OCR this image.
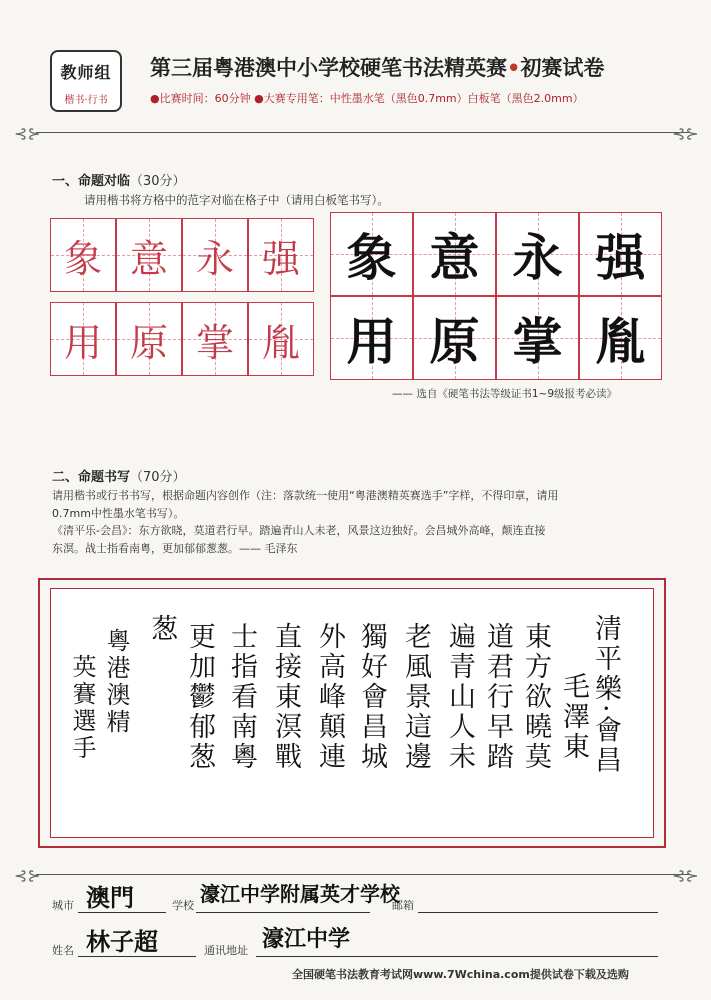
教师组
楷书·行书
第三届粤港澳中小学校硬笔书法精英赛•初赛试卷
●比赛时间：60分钟 ●大赛专用笔：中性墨水笔（黑色0.7mm）白板笔（黑色2.0mm）
⊰⊱	⊰⊱
一、命题对临（30分）
请用楷书将方格中的范字对临在格子中（请用白板笔书写）。
象 意 永 强
用 原 掌 胤
象 意 永 强
用 原 掌 胤
—— 选自《硬笔书法等级证书1~9级报考必读》
二、命题书写（70分）
请用楷书或行书书写，根据命题内容创作（注：落款统一使用“粤港澳精英赛选手”字样，不得印章，请用
0.7mm中性墨水笔书写）。
《清平乐-会昌》：东方欲晓，莫道君行早。踏遍青山人未老，风景这边独好。会昌城外高峰，颠连直接
东溟。战士指看南粤，更加郁郁葱葱。—— 毛泽东
清平樂·會昌
毛澤東
東方欲曉莫
道君行早踏
遍青山人未
老風景這邊
獨好會昌城
外高峰顛連
直接東溟戰
士指看南粵
更加鬱郁葱
葱
粵港澳精
英賽選手
⊰⊱	⊰⊱
城市 澳門	学校 濠江中学附属英才学校
邮箱
姓名 林子超	通讯地址 濠江中学
全国硬笔书法教育考试网www.7Wchina.com提供试卷下载及选购
